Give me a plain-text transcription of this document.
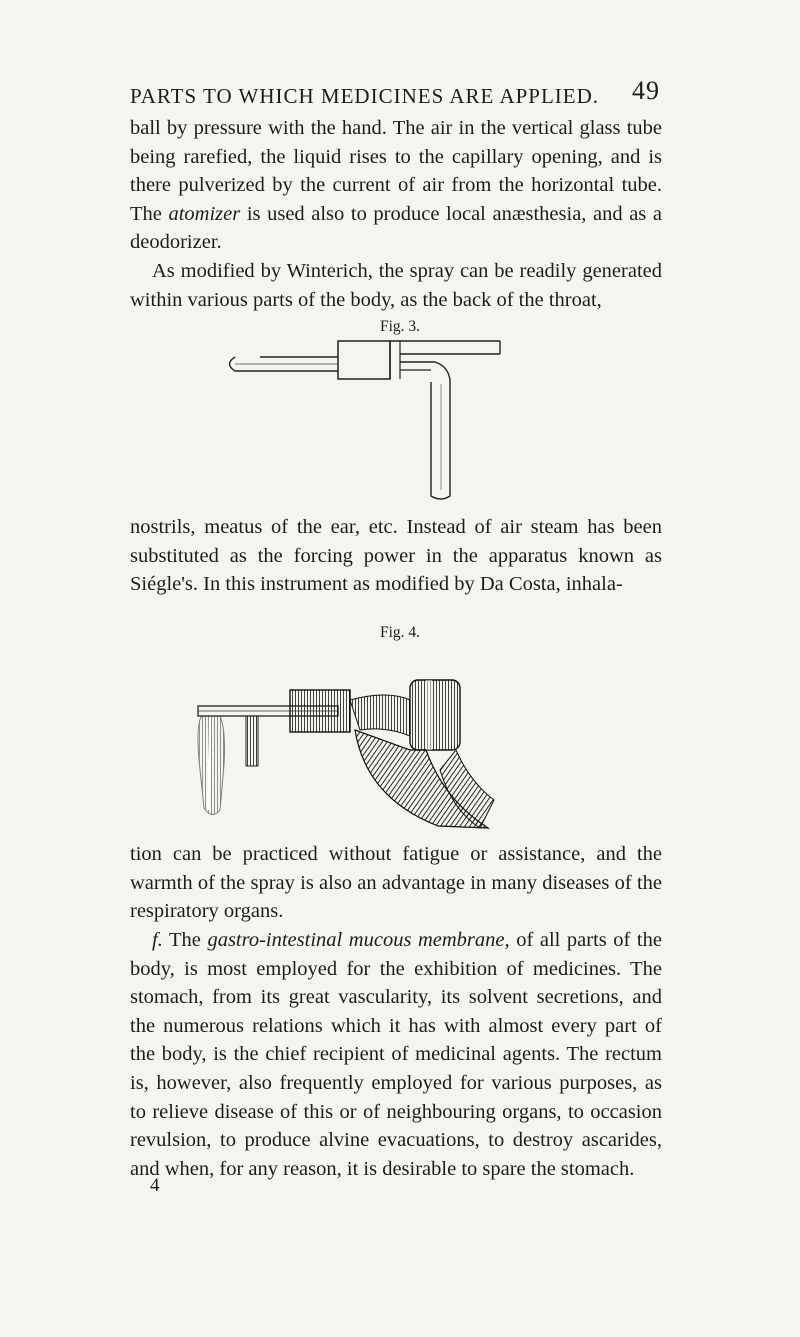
PARTS TO WHICH MEDICINES ARE APPLIED. 49

ball by pressure with the hand. The air in the vertical glass tube being rarefied, the liquid rises to the capillary opening, and is there pulverized by the current of air from the horizontal tube. The atomizer is used also to produce local anæsthesia, and as a deodorizer.

As modified by Winterich, the spray can be readily generated within various parts of the body, as the back of the throat,

Fig. 3.

nostrils, meatus of the ear, etc. Instead of air steam has been substituted as the forcing power in the apparatus known as Siégle's. In this instrument as modified by Da Costa, inhala-

Fig. 4.

tion can be practiced without fatigue or assistance, and the warmth of the spray is also an advantage in many diseases of the respiratory organs.

f. The gastro-intestinal mucous membrane, of all parts of the body, is most employed for the exhibition of medicines. The stomach, from its great vascularity, its solvent secretions, and the numerous relations which it has with almost every part of the body, is the chief recipient of medicinal agents. The rectum is, however, also frequently employed for various purposes, as to relieve disease of this or of neighbouring organs, to occasion revulsion, to produce alvine evacuations, to destroy ascarides, and when, for any reason, it is desirable to spare the stomach.

4
